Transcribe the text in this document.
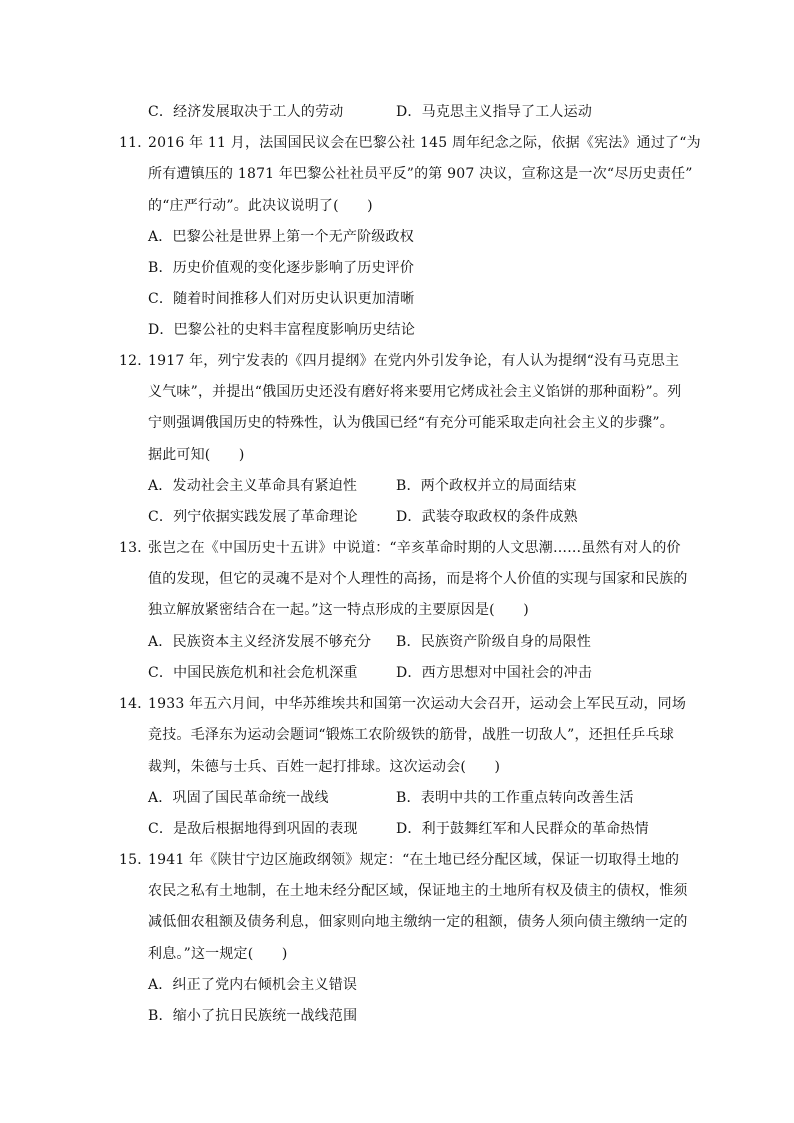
C．经济发展取决于工人的劳动	D．马克思主义指导了工人运动
11．
2016 年 11 月，法国国民议会在巴黎公社 145 周年纪念之际，依据《宪法》通过了“为
所有遭镇压的 1871 年巴黎公社社员平反”的第 907 决议，宣称这是一次“尽历史责任”
的“庄严行动”。此决议说明了(　　)
A．巴黎公社是世界上第一个无产阶级政权
B．历史价值观的变化逐步影响了历史评价
C．随着时间推移人们对历史认识更加清晰
D．巴黎公社的史料丰富程度影响历史结论
12．
1917 年，列宁发表的《四月提纲》在党内外引发争论，有人认为提纲“没有马克思主
义气味”，并提出“俄国历史还没有磨好将来要用它烤成社会主义馅饼的那种面粉”。列
宁则强调俄国历史的特殊性，认为俄国已经“有充分可能采取走向社会主义的步骤”。
据此可知(　　)
A．发动社会主义革命具有紧迫性	B．两个政权并立的局面结束
C．列宁依据实践发展了革命理论	D．武装夺取政权的条件成熟
13．
张岂之在《中国历史十五讲》中说道：“辛亥革命时期的人文思潮……虽然有对人的价
值的发现，但它的灵魂不是对个人理性的高扬，而是将个人价值的实现与国家和民族的
独立解放紧密结合在一起。”这一特点形成的主要原因是(　　)
A．民族资本主义经济发展不够充分 B．民族资产阶级自身的局限性
C．中国民族危机和社会危机深重	D．西方思想对中国社会的冲击
14．
1933 年五六月间，中华苏维埃共和国第一次运动大会召开，运动会上军民互动，同场
竞技。毛泽东为运动会题词“锻炼工农阶级铁的筋骨，战胜一切敌人”，还担任乒乓球
裁判，朱德与士兵、百姓一起打排球。这次运动会(　　)
A．巩固了国民革命统一战线	B．表明中共的工作重点转向改善生活
C．是敌后根据地得到巩固的表现	D．利于鼓舞红军和人民群众的革命热情
15．
1941 年《陕甘宁边区施政纲领》规定：“在土地已经分配区域，保证一切取得土地的
农民之私有土地制，在土地未经分配区域，保证地主的土地所有权及债主的债权，惟须
减低佃农租额及债务利息，佃家则向地主缴纳一定的租额，债务人须向债主缴纳一定的
利息。”这一规定(　　)
A．纠正了党内右倾机会主义错误
B．缩小了抗日民族统一战线范围
